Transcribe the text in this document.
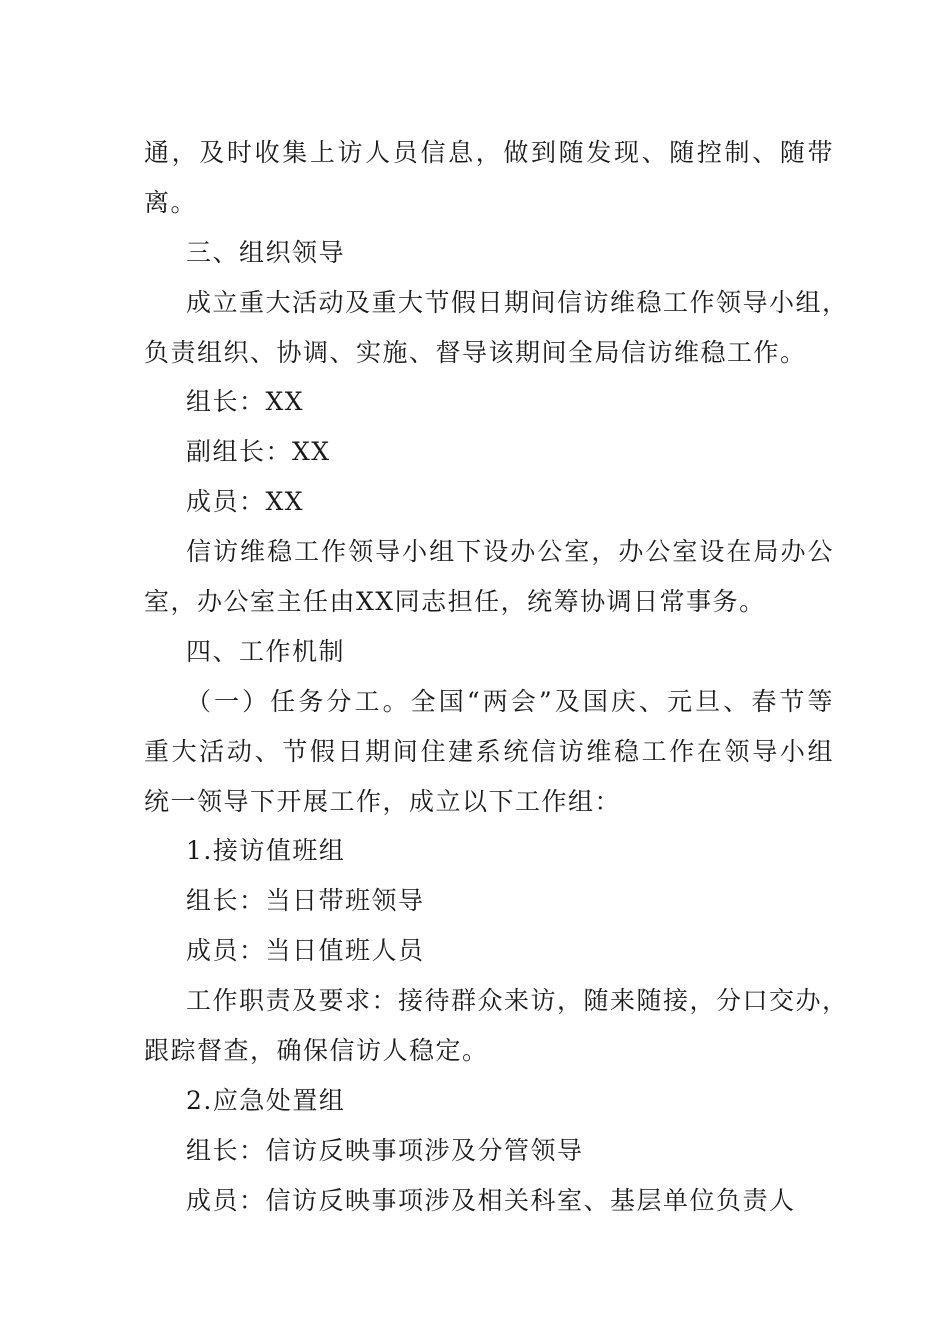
通，及时收集上访人员信息，做到随发现、随控制、随带
离。
三、组织领导
成立重大活动及重大节假日期间信访维稳工作领导小组，
负责组织、协调、实施、督导该期间全局信访维稳工作。
组长：XX
副组长：XX
成员：XX
信访维稳工作领导小组下设办公室，办公室设在局办公
室，办公室主任由XX同志担任，统筹协调日常事务。
四、工作机制
（一）任务分工。全国“两会”及国庆、元旦、春节等
重大活动、节假日期间住建系统信访维稳工作在领导小组
统一领导下开展工作，成立以下工作组：
1.接访值班组
组长：当日带班领导
成员：当日值班人员
工作职责及要求：接待群众来访，随来随接，分口交办，
跟踪督查，确保信访人稳定。
2.应急处置组
组长：信访反映事项涉及分管领导
成员：信访反映事项涉及相关科室、基层单位负责人
